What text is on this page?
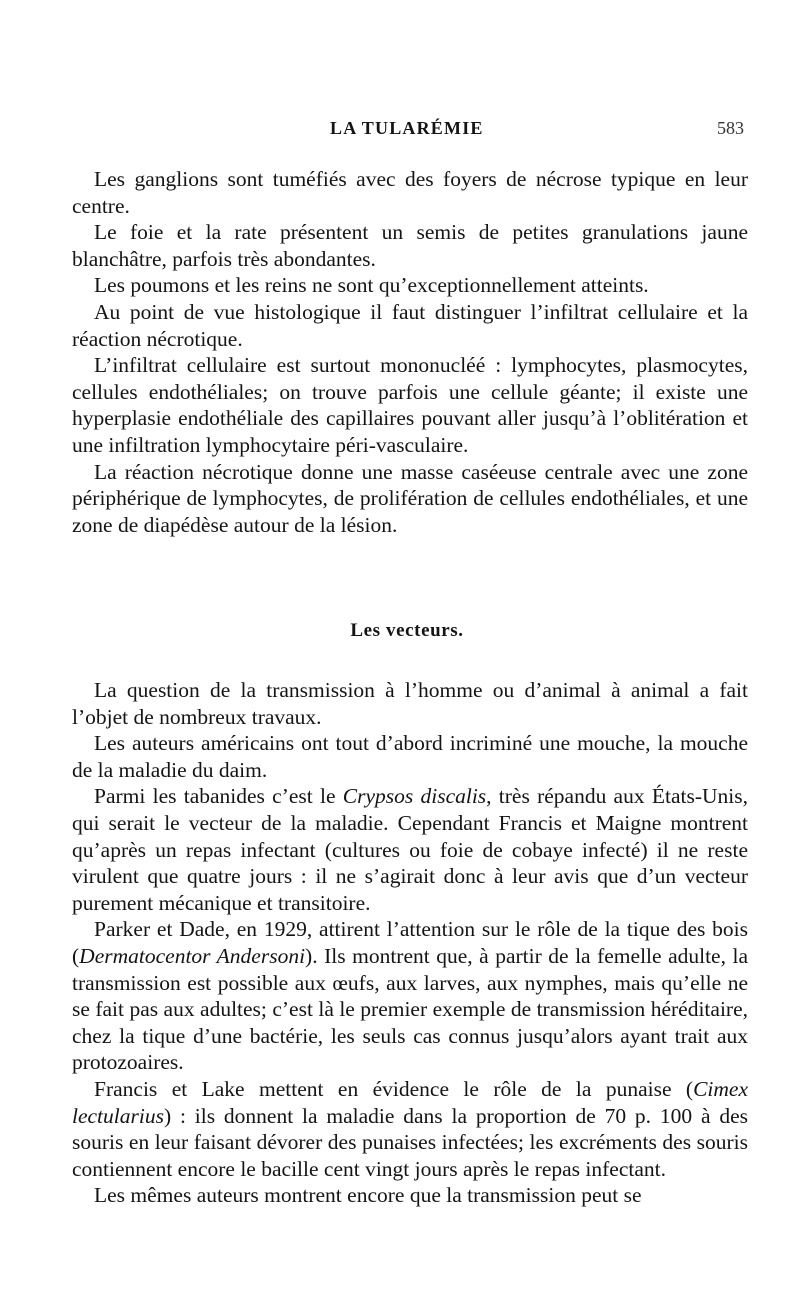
LA TULARÉMIE	583

Les ganglions sont tuméfiés avec des foyers de nécrose typique en leur centre.

Le foie et la rate présentent un semis de petites granulations jaune blanchâtre, parfois très abondantes.

Les poumons et les reins ne sont qu’exceptionnellement atteints.

Au point de vue histologique il faut distinguer l’infiltrat cellulaire et la réaction nécrotique.

L’infiltrat cellulaire est surtout mononucléé : lymphocytes, plasmocytes, cellules endothéliales; on trouve parfois une cellule géante; il existe une hyperplasie endothéliale des capillaires pouvant aller jusqu’à l’oblitération et une infiltration lymphocytaire péri-vasculaire.

La réaction nécrotique donne une masse caséeuse centrale avec une zone périphérique de lymphocytes, de prolifération de cellules endothéliales, et une zone de diapédèse autour de la lésion.

Les vecteurs.

La question de la transmission à l’homme ou d’animal à animal a fait l’objet de nombreux travaux.

Les auteurs américains ont tout d’abord incriminé une mouche, la mouche de la maladie du daim.

Parmi les tabanides c’est le Crypsos discalis, très répandu aux États-Unis, qui serait le vecteur de la maladie. Cependant Francis et Maigne montrent qu’après un repas infectant (cultures ou foie de cobaye infecté) il ne reste virulent que quatre jours : il ne s’agirait donc à leur avis que d’un vecteur purement mécanique et transitoire.

Parker et Dade, en 1929, attirent l’attention sur le rôle de la tique des bois (Dermatocentor Andersoni). Ils montrent que, à partir de la femelle adulte, la transmission est possible aux œufs, aux larves, aux nymphes, mais qu’elle ne se fait pas aux adultes; c’est là le premier exemple de transmission héréditaire, chez la tique d’une bactérie, les seuls cas connus jusqu’alors ayant trait aux protozoaires.

Francis et Lake mettent en évidence le rôle de la punaise (Cimex lectularius) : ils donnent la maladie dans la proportion de 70 p. 100 à des souris en leur faisant dévorer des punaises infectées; les excréments des souris contiennent encore le bacille cent vingt jours après le repas infectant.

Les mêmes auteurs montrent encore que la transmission peut se
